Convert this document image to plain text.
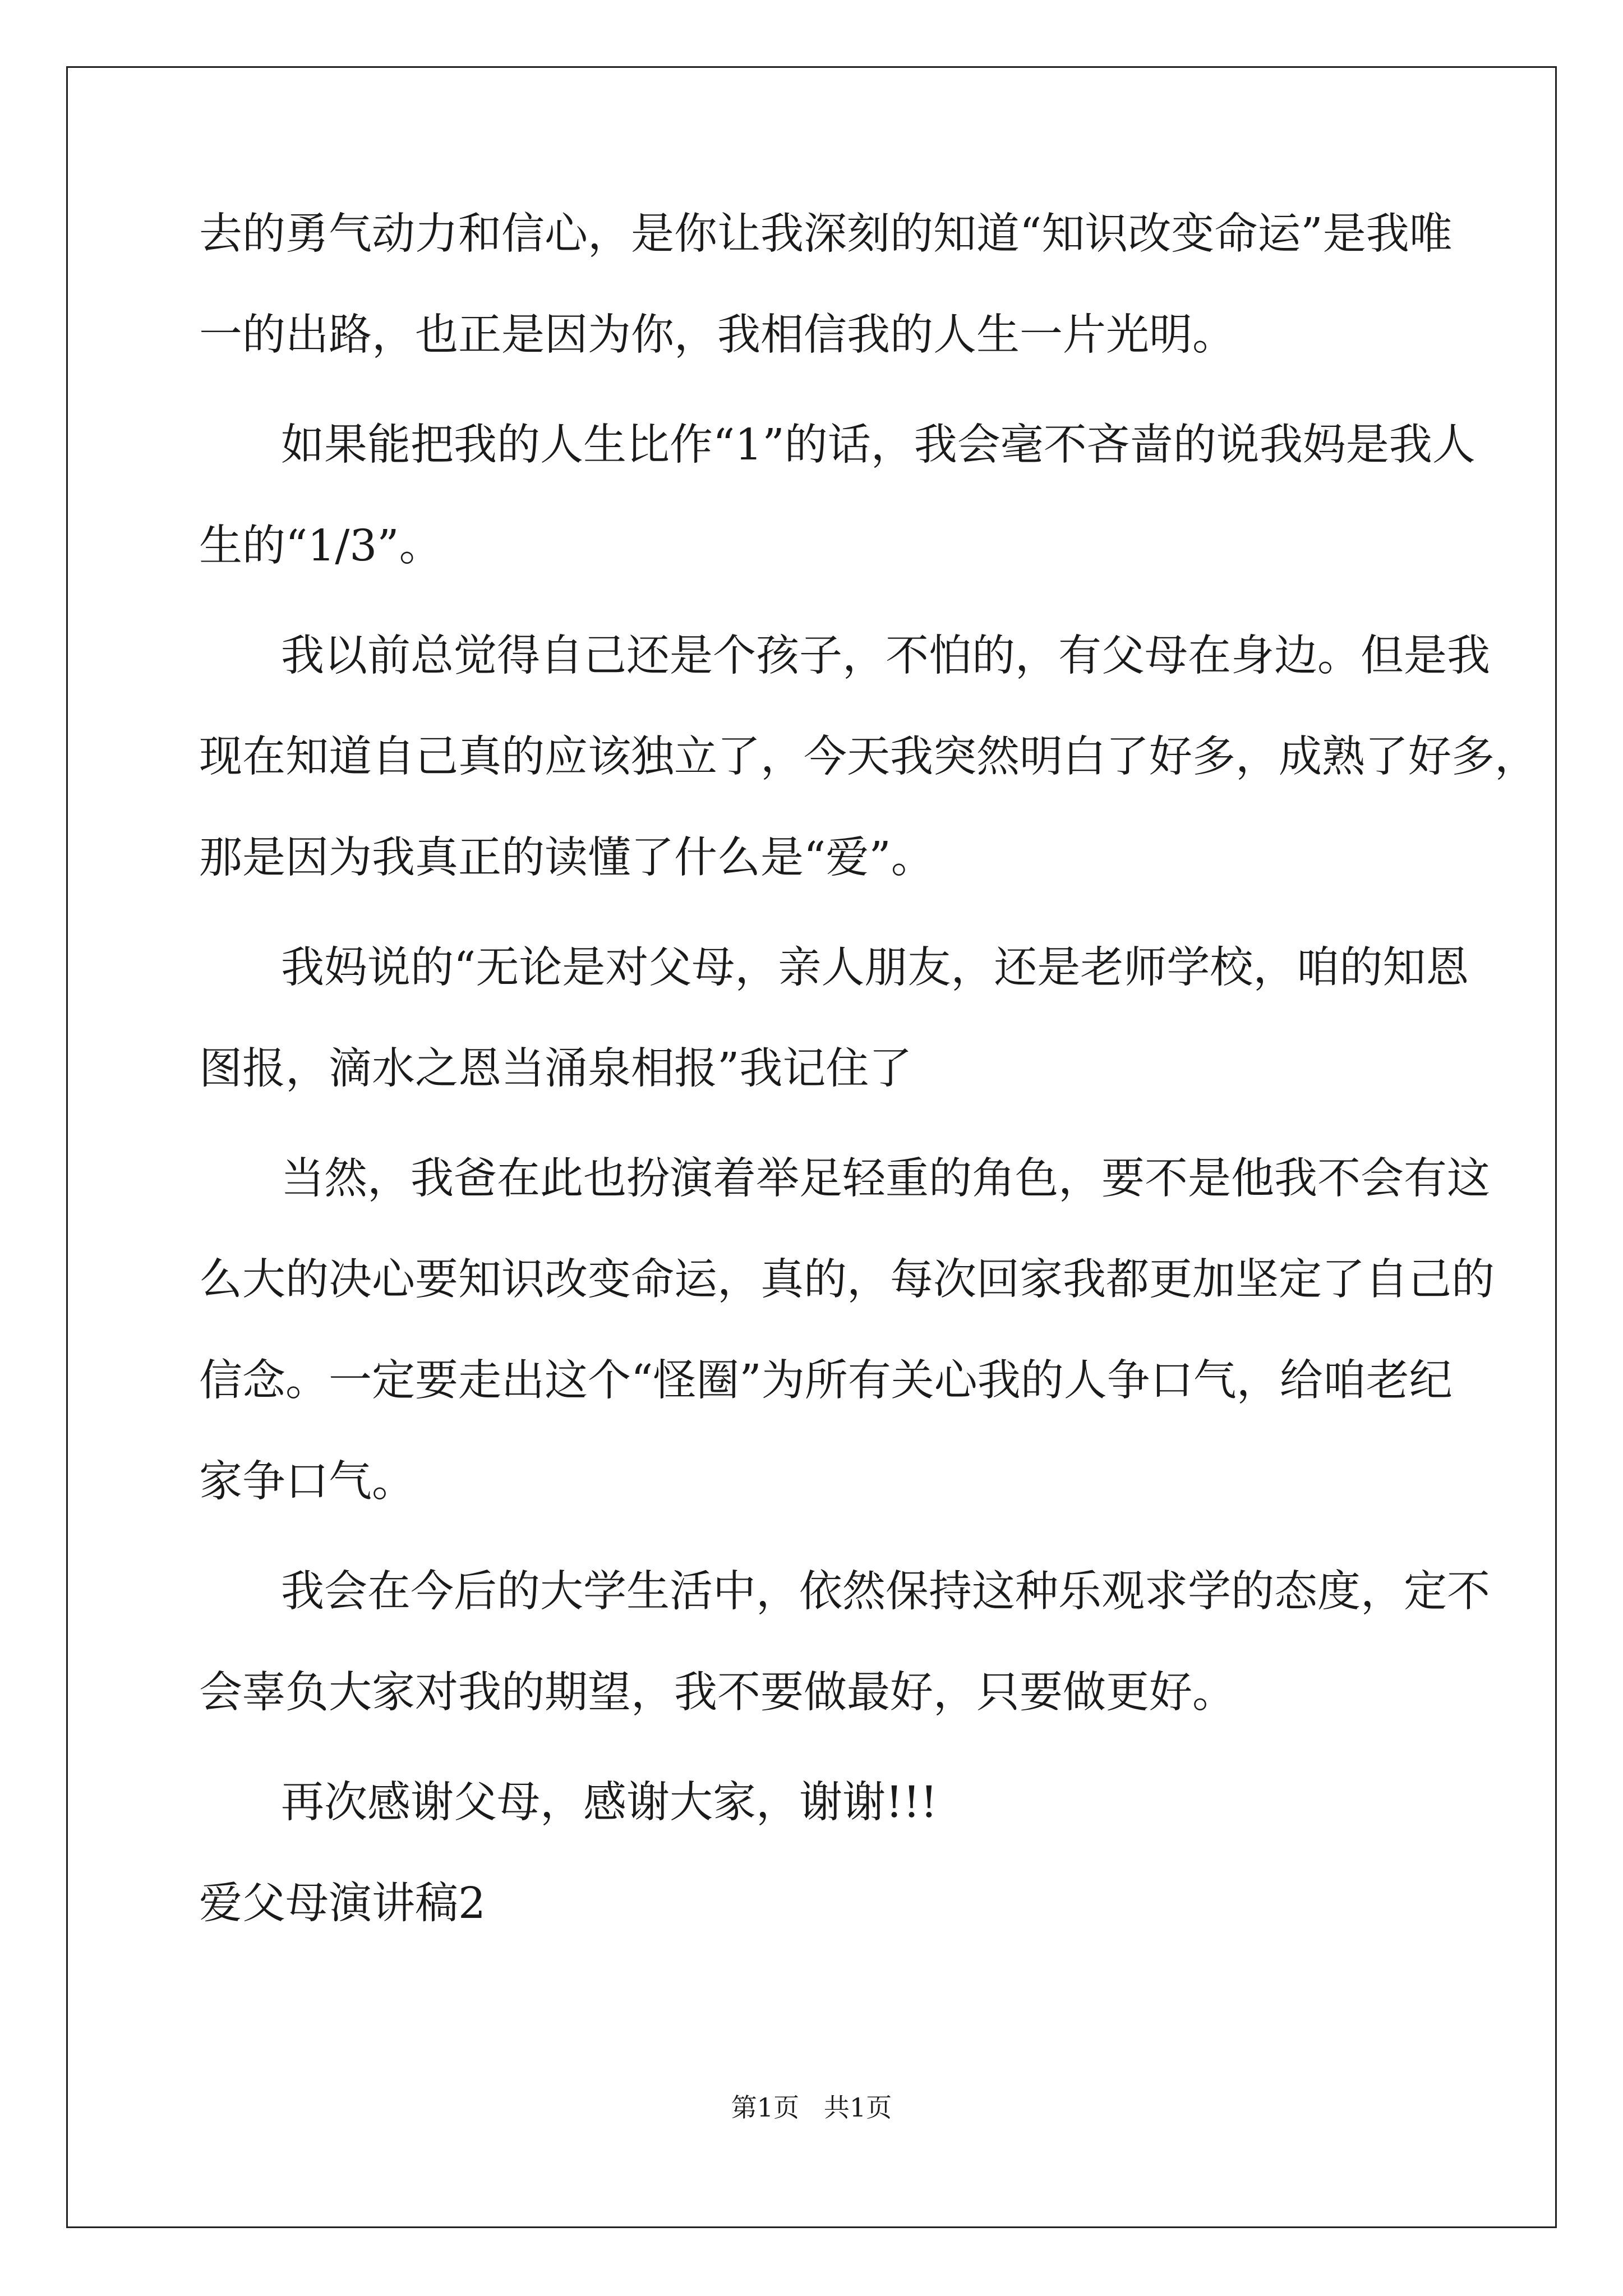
去的勇气动力和信心，是你让我深刻的知道“知识改变命运”是我唯
一的出路，也正是因为你，我相信我的人生一片光明。
如果能把我的人生比作“1”的话，我会毫不吝啬的说我妈是我人
生的“1/3”。
我以前总觉得自己还是个孩子，不怕的，有父母在身边。但是我
现在知道自己真的应该独立了，今天我突然明白了好多，成熟了好多，
那是因为我真正的读懂了什么是“爱”。
我妈说的“无论是对父母，亲人朋友，还是老师学校，咱的知恩
图报，滴水之恩当涌泉相报”我记住了
当然，我爸在此也扮演着举足轻重的角色，要不是他我不会有这
么大的决心要知识改变命运，真的，每次回家我都更加坚定了自己的
信念。一定要走出这个“怪圈”为所有关心我的人争口气，给咱老纪
家争口气。
我会在今后的大学生活中，依然保持这种乐观求学的态度，定不
会辜负大家对我的期望，我不要做最好，只要做更好。
再次感谢父母，感谢大家，谢谢!!!
爱父母演讲稿2
第1页   共1页
